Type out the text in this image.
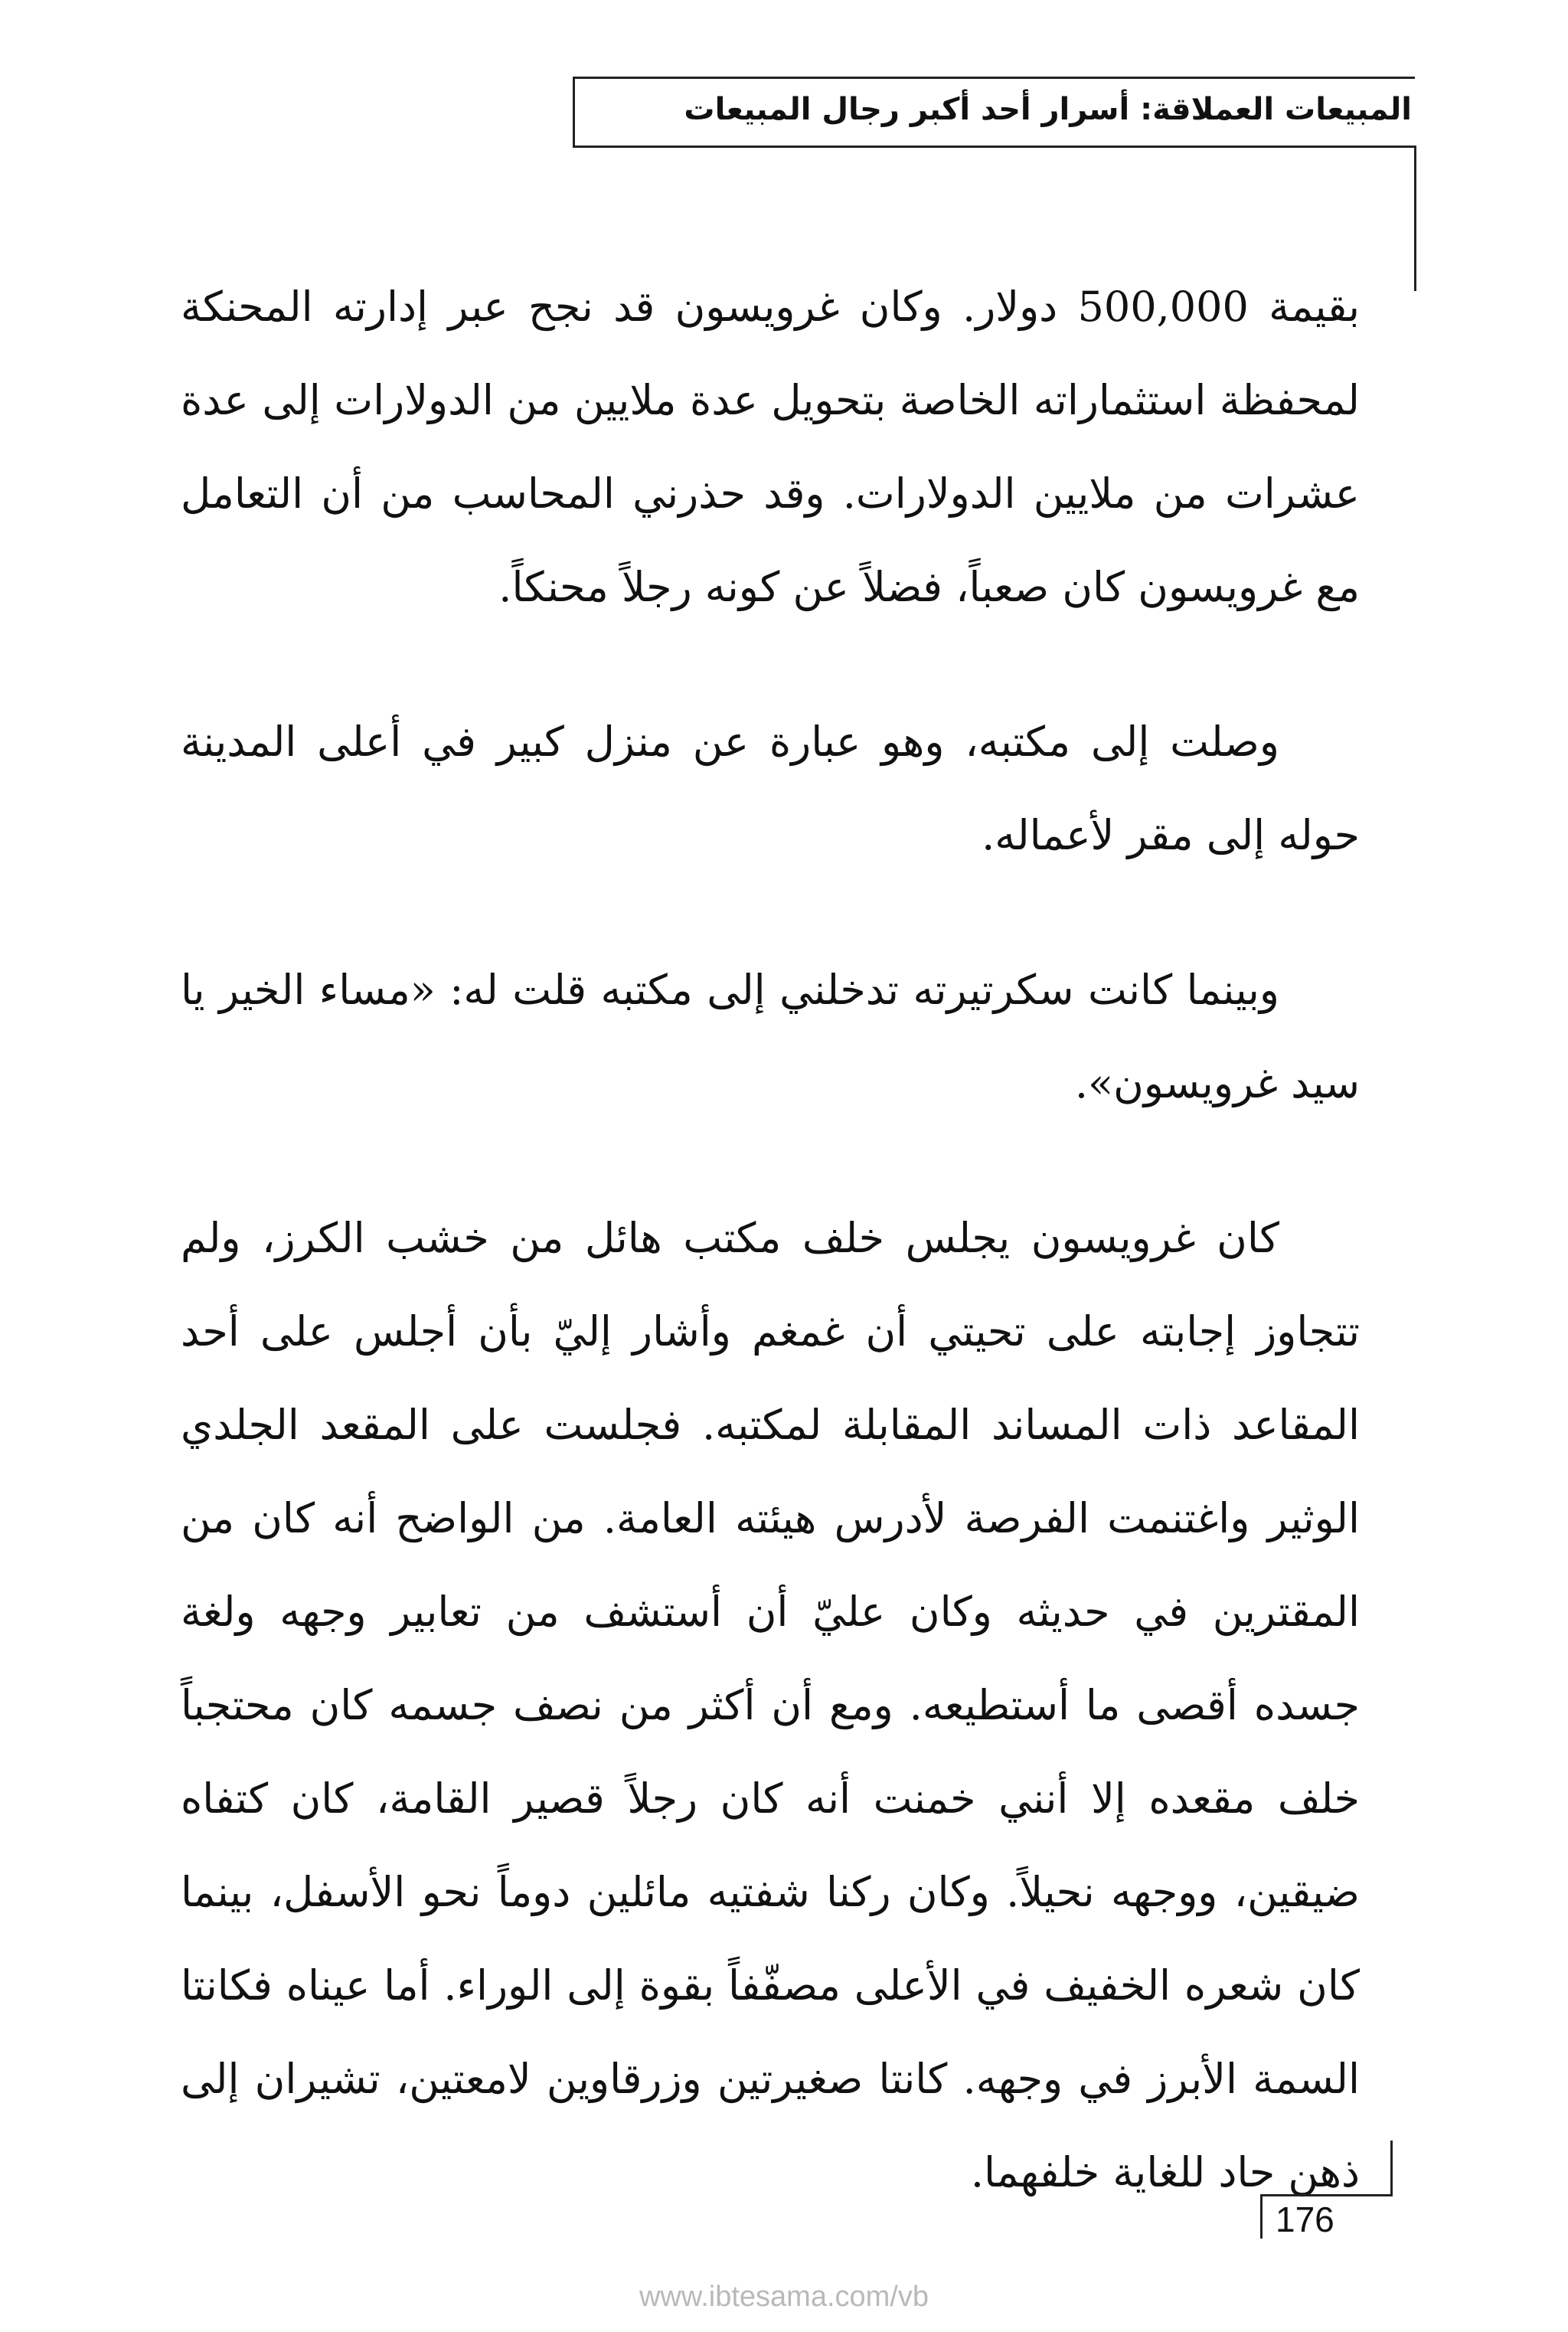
المبيعات العملاقة: أسرار أحد أكبر رجال المبيعات

بقيمة 500,000 دولار. وكان غرويسون قد نجح عبر إدارته المحنكة لمحفظة استثماراته الخاصة بتحويل عدة ملايين من الدولارات إلى عدة عشرات من ملايين الدولارات. وقد حذرني المحاسب من أن التعامل مع غرويسون كان صعباً، فضلاً عن كونه رجلاً محنكاً.

وصلت إلى مكتبه، وهو عبارة عن منزل كبير في أعلى المدينة حوله إلى مقر لأعماله.

وبينما كانت سكرتيرته تدخلني إلى مكتبه قلت له: «مساء الخير يا سيد غرويسون».

كان غرويسون يجلس خلف مكتب هائل من خشب الكرز، ولم تتجاوز إجابته على تحيتي أن غمغم وأشار إليّ بأن أجلس على أحد المقاعد ذات المساند المقابلة لمكتبه. فجلست على المقعد الجلدي الوثير واغتنمت الفرصة لأدرس هيئته العامة. من الواضح أنه كان من المقترين في حديثه وكان عليّ أن أستشف من تعابير وجهه ولغة جسده أقصى ما أستطيعه. ومع أن أكثر من نصف جسمه كان محتجباً خلف مقعده إلا أنني خمنت أنه كان رجلاً قصير القامة، كان كتفاه ضيقين، ووجهه نحيلاً. وكان ركنا شفتيه مائلين دوماً نحو الأسفل، بينما كان شعره الخفيف في الأعلى مصفّفاً بقوة إلى الوراء. أما عيناه فكانتا السمة الأبرز في وجهه. كانتا صغيرتين وزرقاوين لامعتين، تشيران إلى ذهن حاد للغاية خلفهما.

176
www.ibtesama.com/vb
